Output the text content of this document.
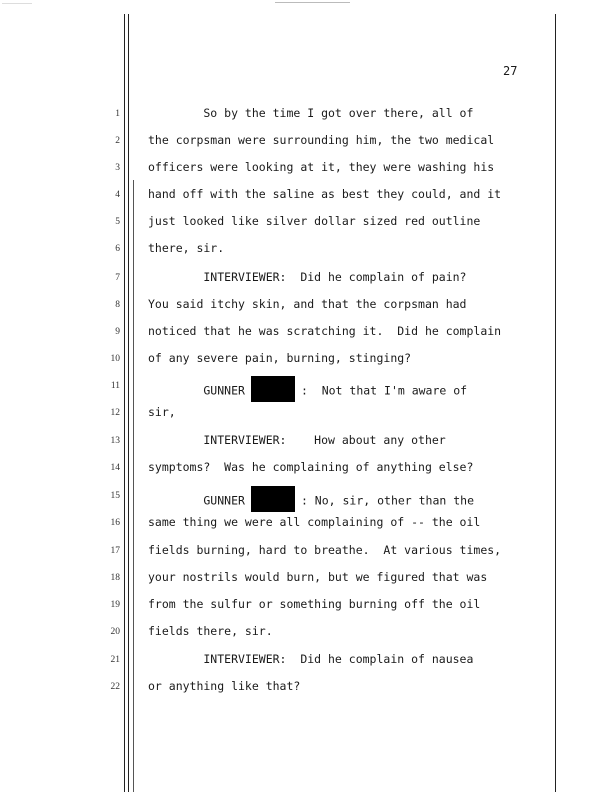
27
1 So by the time I got over there, all of
2 the corpsman were surrounding him, the two medical
3 officers were looking at it, they were washing his
4 hand off with the saline as best they could, and it
5 just looked like silver dollar sized red outline
6 there, sir.
7 INTERVIEWER:  Did he complain of pain?
8 You said itchy skin, and that the corpsman had
9 noticed that he was scratching it.  Did he complain
10 of any severe pain, burning, stinging?
11 GUNNER	:  Not that I'm aware of
12 sir,
13 INTERVIEWER:    How about any other
14 symptoms?  Was he complaining of anything else?
15 GUNNER	: No, sir, other than the
16 same thing we were all complaining of -- the oil
17 fields burning, hard to breathe.  At various times,
18 your nostrils would burn, but we figured that was
19 from the sulfur or something burning off the oil
20 fields there, sir.
21 INTERVIEWER:  Did he complain of nausea
22 or anything like that?
